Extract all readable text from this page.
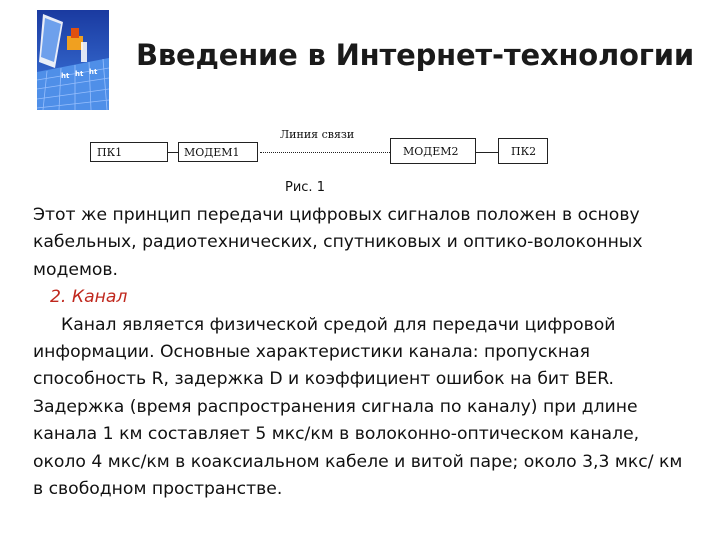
ht ht ht Введение в Интернет-технологии
ПК1	МОДЕМ1
Линия связи
МОДЕМ2	ПК2
Рис. 1

Этот же принцип передачи цифровых сигналов положен в основу кабельных, радиотехнических, спутниковых и оптико-волоконных модемов.

2. Канал

Канал является физической средой для передачи цифровой информации. Основные характеристики канала: пропускная способность R, задержка D и коэффициент ошибок на бит BER. Задержка (время распространения сигнала по каналу) при длине канала 1 км составляет 5 мкс/км в волоконно-оптическом канале, около 4 мкс/км в коаксиальном кабеле и витой паре; около 3,3 мкс/ км в свободном пространстве.
